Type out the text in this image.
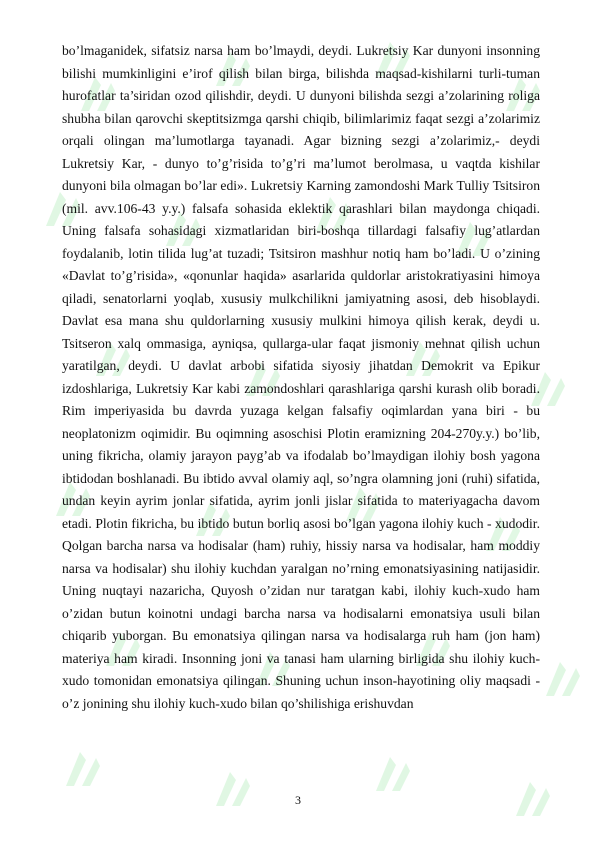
bo’lmaganidek, sifatsiz narsa ham bo’lmaydi, deydi. Lukretsiy Kar dunyoni insonning bilishi mumkinligini e’irof qilish bilan birga, bilishda maqsad-kishilarni turli-tuman hurofatlar ta’siridan ozod qilishdir, deydi. U dunyoni bilishda sezgi a’zolarining roliga shubha bilan qarovchi skeptitsizmga qarshi chiqib, bilimlarimiz faqat sezgi a’zolarimiz orqali olingan ma’lumotlarga tayanadi. Agar bizning sezgi a’zolarimiz,- deydi Lukretsiy Kar, - dunyo to’g’risida to’g’ri ma’lumot berolmasa, u vaqtda kishilar dunyoni bila olmagan bo’lar edi». Lukretsiy Karning zamondoshi Mark Tulliy Tsitsiron (mil. avv.106-43 y.y.) falsafa sohasida eklektik qarashlari bilan maydonga chiqadi. Uning falsafa sohasidagi xizmatlaridan biri-boshqa tillardagi falsafiy lug’atlardan foydalanib, lotin tilida lug’at tuzadi; Tsitsiron mashhur notiq ham bo’ladi. U o’zining «Davlat to’g’risida», «qonunlar haqida» asarlarida quldorlar aristokratiyasini himoya qiladi, senatorlarni yoqlab, xususiy mulkchilikni jamiyatning asosi, deb hisoblaydi. Davlat esa mana shu quldorlarning xususiy mulkini himoya qilish kerak, deydi u. Tsitseron xalq ommasiga, ayniqsa, qullarga-ular faqat jismoniy mehnat qilish uchun yaratilgan, deydi. U davlat arbobi sifatida siyosiy jihatdan Demokrit va Epikur izdoshlariga, Lukretsiy Kar kabi zamondoshlari qarashlariga qarshi kurash olib boradi. Rim imperiyasida bu davrda yuzaga kelgan falsafiy oqimlardan yana biri - bu neoplatonizm oqimidir. Bu oqimning asoschisi Plotin eramizning 204-270y.y.) bo’lib, uning fikricha, olamiy jarayon payg’ab va ifodalab bo’lmaydigan ilohiy bosh yagona ibtidodan boshlanadi. Bu ibtido avval olamiy aql, so’ngra olamning joni (ruhi) sifatida, undan keyin ayrim jonlar sifatida, ayrim jonli jislar sifatida to materiyagacha davom etadi. Plotin fikricha, bu ibtido butun borliq asosi bo’lgan yagona ilohiy kuch - xudodir. Qolgan barcha narsa va hodisalar (ham) ruhiy, hissiy narsa va hodisalar, ham moddiy narsa va hodisalar) shu ilohiy kuchdan yaralgan no’rning emonatsiyasining natijasidir. Uning nuqtayi nazaricha, Quyosh o’zidan nur taratgan kabi, ilohiy kuch-xudo ham o’zidan butun koinotni undagi barcha narsa va hodisalarni emonatsiya usuli bilan chiqarib yuborgan. Bu emonatsiya qilingan narsa va hodisalarga ruh ham (jon ham) materiya ham kiradi. Insonning joni va tanasi ham ularning birligida shu ilohiy kuch-xudo tomonidan emonatsiya qilingan. Shuning uchun inson-hayotining oliy maqsadi - o’z jonining shu ilohiy kuch-xudo bilan qo’shilishiga erishuvdan

3
